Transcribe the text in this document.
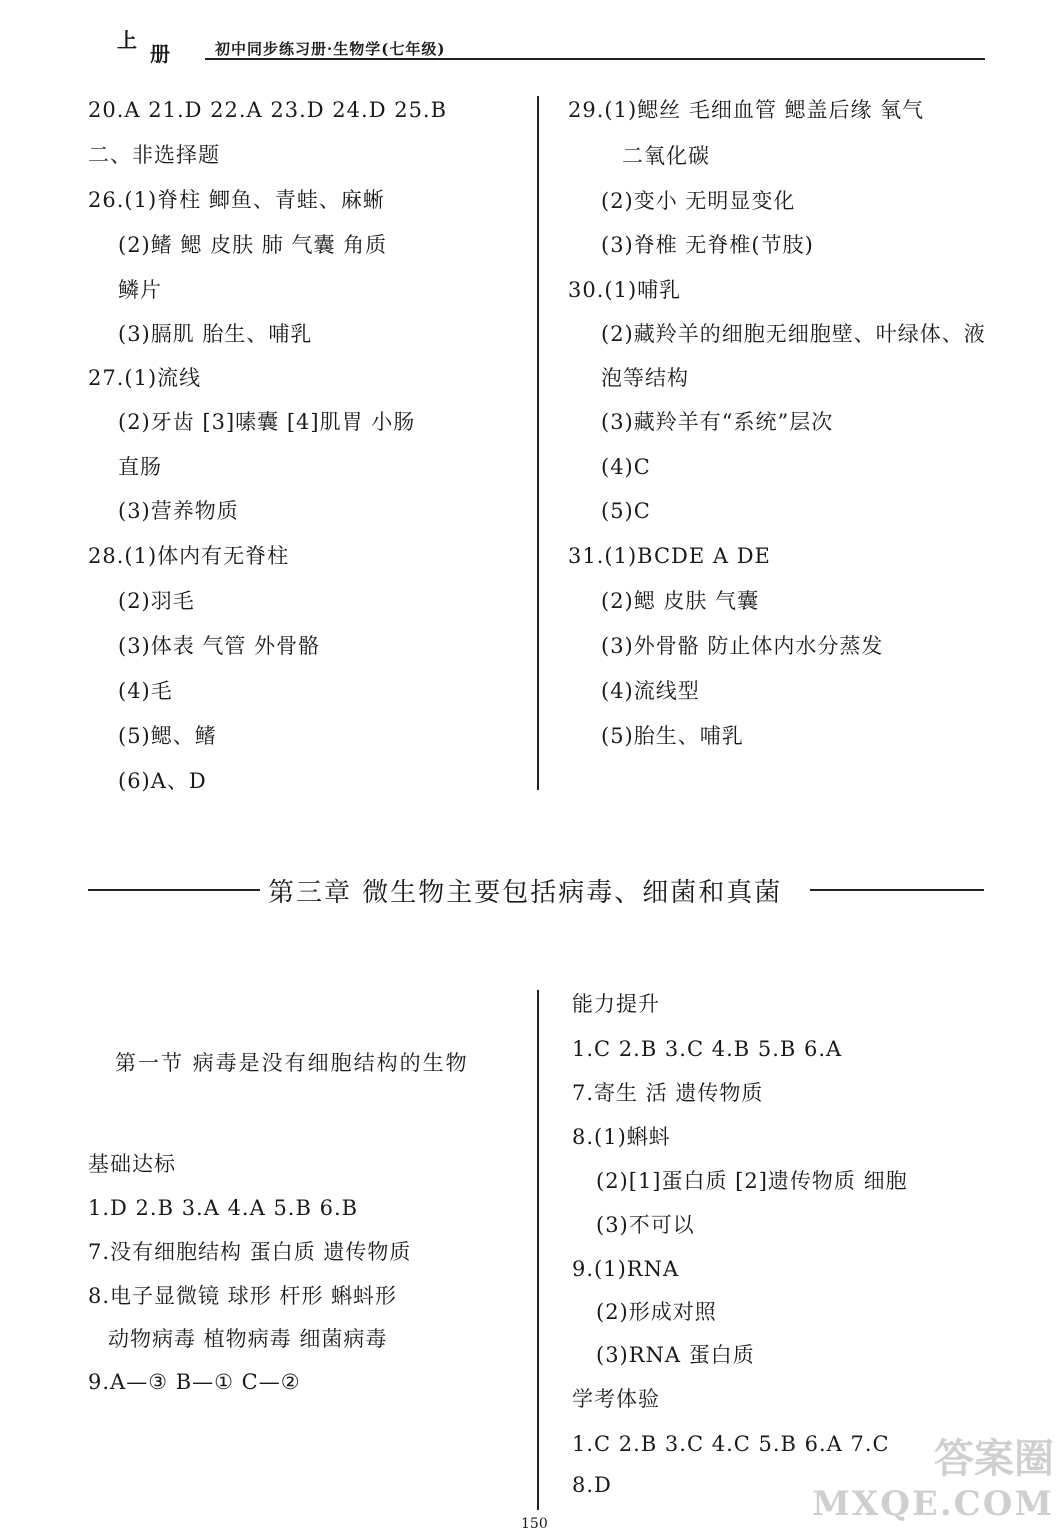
上
册	初中同步练习册·生物学(七年级)
20.A 21.D 22.A 23.D 24.D 25.B
二、非选择题
26.(1)脊柱 鲫鱼、青蛙、麻蜥
(2)鳍 鳃 皮肤 肺 气囊 角质
鳞片
(3)膈肌 胎生、哺乳
27.(1)流线
(2)牙齿 [3]嗉囊 [4]肌胃 小肠
直肠
(3)营养物质
28.(1)体内有无脊柱
(2)羽毛
(3)体表 气管 外骨骼
(4)毛
(5)鳃、鳍
(6)A、D
29.(1)鳃丝 毛细血管 鳃盖后缘 氧气
二氧化碳
(2)变小 无明显变化
(3)脊椎 无脊椎(节肢)
30.(1)哺乳
(2)藏羚羊的细胞无细胞壁、叶绿体、液
泡等结构
(3)藏羚羊有“系统”层次
(4)C
(5)C
31.(1)BCDE A DE
(2)鳃 皮肤 气囊
(3)外骨骼 防止体内水分蒸发
(4)流线型
(5)胎生、哺乳
第三章 微生物主要包括病毒、细菌和真菌
第一节 病毒是没有细胞结构的生物
基础达标
1.D 2.B 3.A 4.A 5.B 6.B
7.没有细胞结构 蛋白质 遗传物质
8.电子显微镜 球形 杆形 蝌蚪形
动物病毒 植物病毒 细菌病毒
9.A—③ B—① C—②
能力提升
1.C 2.B 3.C 4.B 5.B 6.A
7.寄生 活 遗传物质
8.(1)蝌蚪
(2)[1]蛋白质 [2]遗传物质 细胞
(3)不可以
9.(1)RNA
(2)形成对照
(3)RNA 蛋白质
学考体验
1.C 2.B 3.C 4.C 5.B 6.A 7.C
8.D
150
答案圈
MXQE.COM
